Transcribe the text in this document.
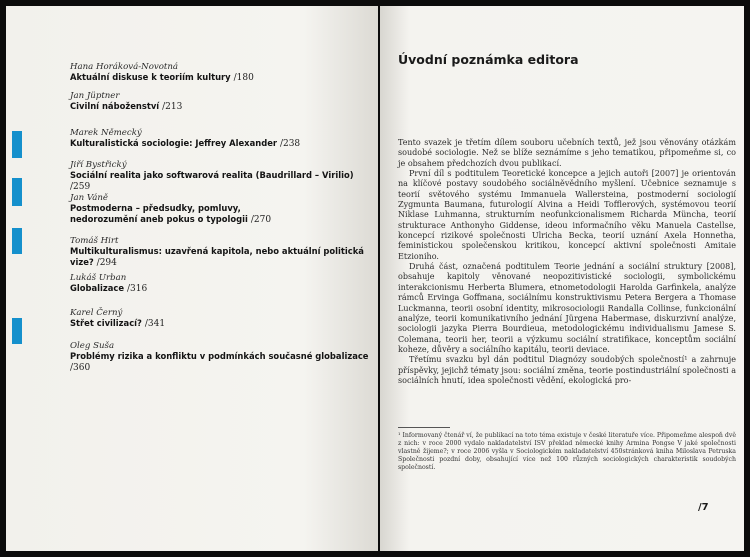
Hana Horáková-Novotná
Aktuální diskuse k teoriím kultury /180
Jan Jüptner
Civilní náboženství /213
Marek Německý
Kulturalistická sociologie: Jeffrey Alexander /238
Jiří Bystřický
Sociální realita jako softwarová realita (Baudrillard – Virilio) /259
Jan Váně
Postmoderna – předsudky, pomluvy, nedorozumění aneb pokus o typologii /270
Tomáš Hirt
Multikulturalismus: uzavřená kapitola, nebo aktuální politická vize? /294
Lukáš Urban
Globalizace /316
Karel Černý
Střet civilizací? /341
Oleg Suša
Problémy rizika a konfliktu v podmínkách současné globalizace /360
Úvodní poznámka editora

Tento svazek je třetím dílem souboru učebních textů, jež jsou věnovány otázkám soudobé sociologie. Než se blíže seznámíme s jeho tematikou, připomeňme si, co je obsahem předchozích dvou publikací.

První díl s podtitulem Teoretické koncepce a jejich autoři [2007] je orientován na klíčové postavy soudobého sociálněvědního myšlení. Učebnice seznamuje s teorií světového systému Immanuela Wallersteina, postmoderní sociologií Zygmunta Baumana, futurologií Alvina a Heidi Tofflerových, systémovou teorií Niklase Luhmanna, strukturním neofunkcionalismem Richarda Müncha, teorií strukturace Anthonyho Giddense, ideou informačního věku Manuela Castellse, koncepcí rizikové společnosti Ulricha Becka, teorií uznání Axela Honnetha, feministickou společenskou kritikou, koncepcí aktivní společnosti Amitaie Etzioniho.

Druhá část, označená podtitulem Teorie jednání a sociální struktury [2008], obsahuje kapitoly věnované neopozitivistické sociologii, symbolickému interakcionismu Herberta Blumera, etnometodologii Harolda Garfinkela, analýze rámců Ervinga Goffmana, sociálnímu konstruktivismu Petera Bergera a Thomase Luckmanna, teorii osobní identity, mikrosociologii Randalla Collinse, funkcionální analýze, teorii komunikativního jednání Jürgena Habermase, diskurzivní analýze, sociologii jazyka Pierra Bourdieua, metodologickému individualismu Jamese S. Colemana, teorii her, teorii a výzkumu sociální stratifikace, konceptům sociální koheze, důvěry a sociálního kapitálu, teorii deviace.

Třetímu svazku byl dán podtitul Diagnózy soudobých společností¹ a zahrnuje příspěvky, jejichž tématy jsou: sociální změna, teorie postindustriální společnosti a sociálních hnutí, idea společnosti vědění, ekologická pro-

¹ Informovaný čtenář ví, že publikací na toto téma existuje v české literatuře více. Připomeňme alespoň dvě z nich: v roce 2000 vydalo nakladatelství ISV překlad německé knihy Armina Pongse V jaké společnosti vlastně žijeme?; v roce 2006 vyšla v Sociologickém nakladatelství 450stránková kniha Miloslava Petruska Společnosti pozdní doby, obsahující více než 100 různých sociologických charakteristik soudobých společností.
/7
